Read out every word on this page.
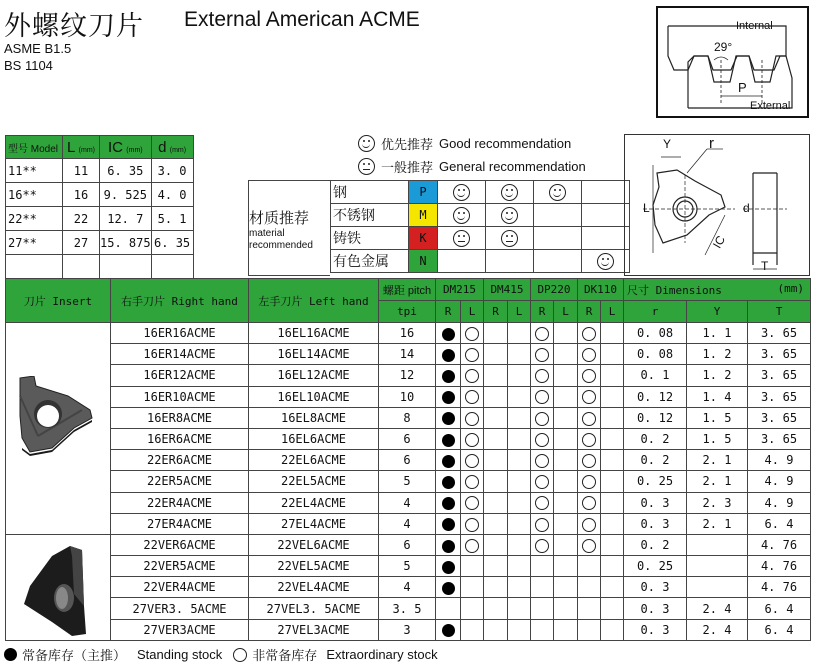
外螺纹刀片 External American ACME
ASME B1.5
BS 1104
Internal
29°
P
External
型号 Model	L (mm)	IC (mm)	d (mm)
11**	11	6. 35	3. 0
16**	16	9. 525	4. 0
22**	22	12. 7	5. 1
27**	27	15. 875	6. 35

优先推荐 Good recommendation
一般推荐 General recommendation
材质推荐
material
recommended
钢	P				
不锈钢	M				
铸铁	K				
有色金属	N				
Y	r
L
IC
d
T
刀片 Insert	右手刀片 Right hand	左手刀片 Left hand	螺距 pitch	DM215		DM415		DP220		DK110		尺寸 Dimensions (mm)		

			tpi	R	L	R	L	R	L	R	L	r	Y	T
	16ER16ACME	16EL16ACME	16									0. 08	1. 1	3. 65
	16ER14ACME	16EL14ACME	14									0. 08	1. 2	3. 65
	16ER12ACME	16EL12ACME	12									0. 1	1. 2	3. 65
	16ER10ACME	16EL10ACME	10									0. 12	1. 4	3. 65
	16ER8ACME	16EL8ACME	8									0. 12	1. 5	3. 65
	16ER6ACME	16EL6ACME	6									0. 2	1. 5	3. 65
	22ER6ACME	22EL6ACME	6									0. 2	2. 1	4. 9
	22ER5ACME	22EL5ACME	5									0. 25	2. 1	4. 9
	22ER4ACME	22EL4ACME	4									0. 3	2. 3	4. 9
	27ER4ACME	27EL4ACME	4									0. 3	2. 1	6. 4
	22VER6ACME	22VEL6ACME	6									0. 2		4. 76
	22VER5ACME	22VEL5ACME	5									0. 25		4. 76
	22VER4ACME	22VEL4ACME	4									0. 3		4. 76
	27VER3. 5ACME	27VEL3. 5ACME	3. 5									0. 3	2. 4	6. 4
	27VER3ACME	27VEL3ACME	3									0. 3	2. 4	6. 4
常备库存（主推） Standing stock 非常备库存 Extraordinary stock
